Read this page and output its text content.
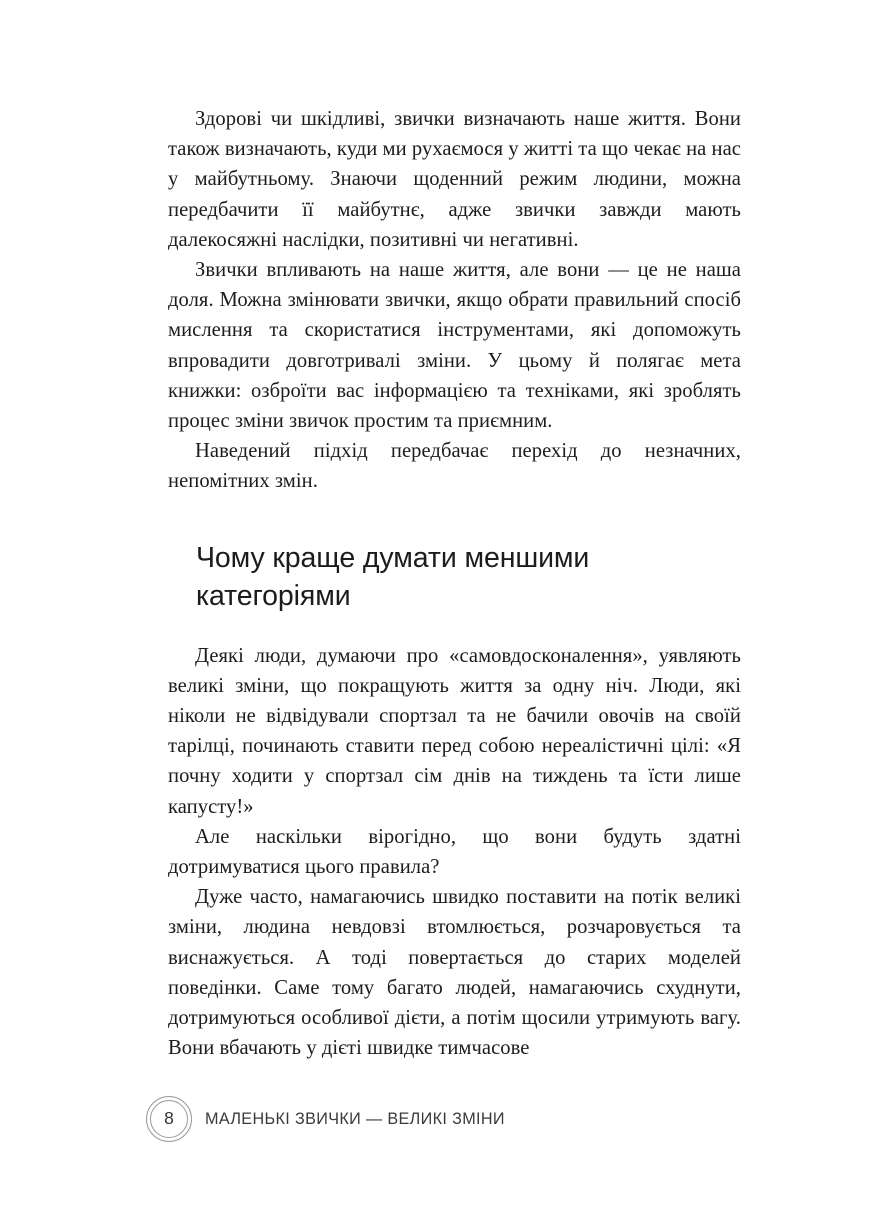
Здорові чи шкідливі, звички визначають наше життя. Вони також визначають, куди ми рухаємося у житті та що чекає на нас у майбутньому. Знаючи щоденний режим людини, можна передбачити її майбутнє, адже звички завжди мають далекосяжні наслідки, позитивні чи негативні.

Звички впливають на наше життя, але вони — це не наша доля. Можна змінювати звички, якщо обрати правильний спосіб мислення та скористатися інструментами, які допоможуть впровадити довготривалі зміни. У цьому й полягає мета книжки: озброїти вас інформацією та техніками, які зроблять процес зміни звичок простим та приємним.

Наведений підхід передбачає перехід до незначних, непомітних змін.

Чому краще думати меншими
категоріями

Деякі люди, думаючи про «самовдосконалення», уявляють великі зміни, що покращують життя за одну ніч. Люди, які ніколи не відвідували спортзал та не бачили овочів на своїй тарілці, починають ставити перед собою нереалістичні цілі: «Я почну ходити у спортзал сім днів на тиждень та їсти лише капусту!»

Але наскільки вірогідно, що вони будуть здатні дотримуватися цього правила?

Дуже часто, намагаючись швидко поставити на потік великі зміни, людина невдовзі втомлюється, розчаровується та виснажується. А тоді повертається до старих моделей поведінки. Саме тому багато людей, намагаючись схуднути, дотримуються особливої дієти, а потім щосили утримують вагу. Вони вбачають у дієті швидке тимчасове

8	МАЛЕНЬКІ ЗВИЧКИ — ВЕЛИКІ ЗМІНИ
